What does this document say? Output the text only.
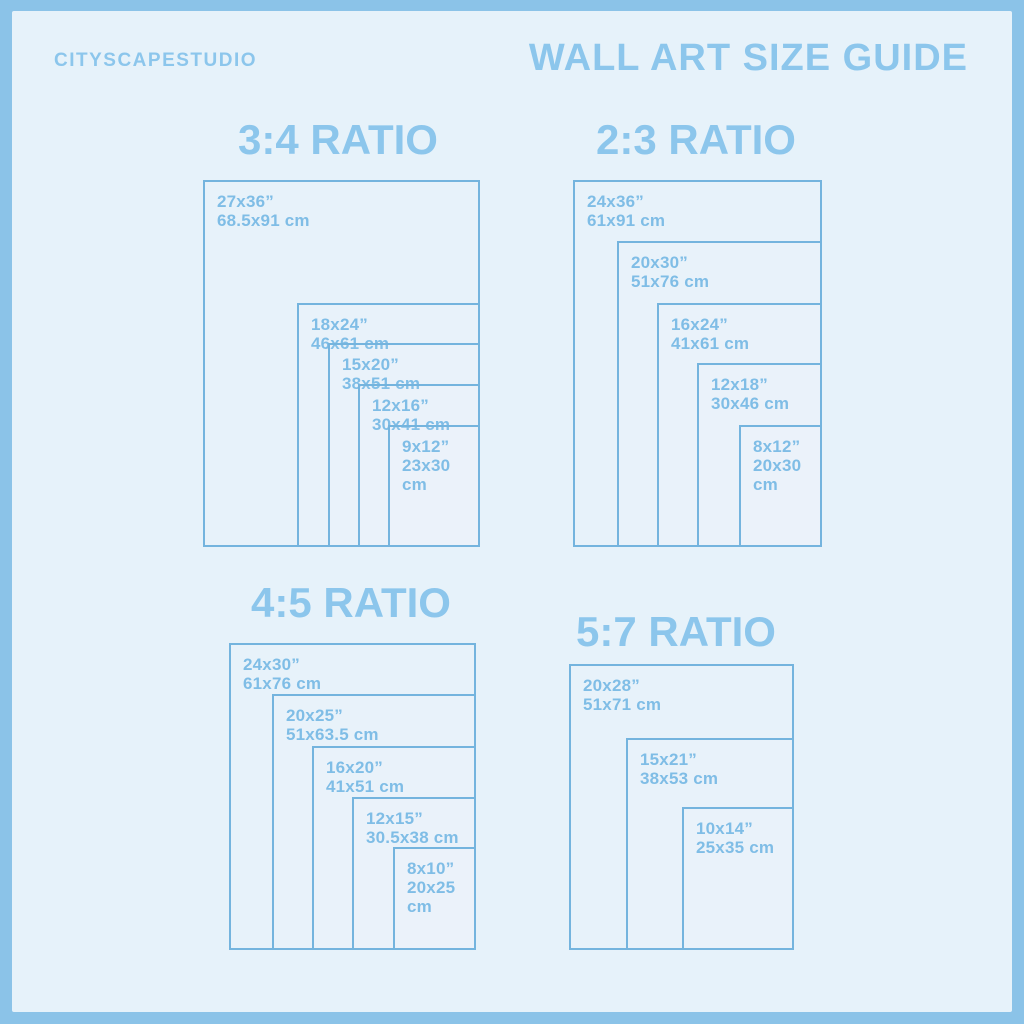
CITYSCAPESTUDIO	WALL ART SIZE GUIDE
3:4 RATIO
27x36”
68.5x91 cm
18x24”
46x61 cm
15x20”
38x51 cm
12x16”
30x41 cm
9x12”
23x30 cm
2:3 RATIO
24x36”
61x91 cm
20x30”
51x76 cm
16x24”
41x61 cm
12x18”
30x46 cm
8x12”
20x30 cm
4:5 RATIO
24x30”
61x76 cm
20x25”
51x63.5 cm
16x20”
41x51 cm
12x15”
30.5x38 cm
8x10”
20x25 cm
5:7 RATIO
20x28”
51x71 cm
15x21”
38x53 cm
10x14”
25x35 cm
